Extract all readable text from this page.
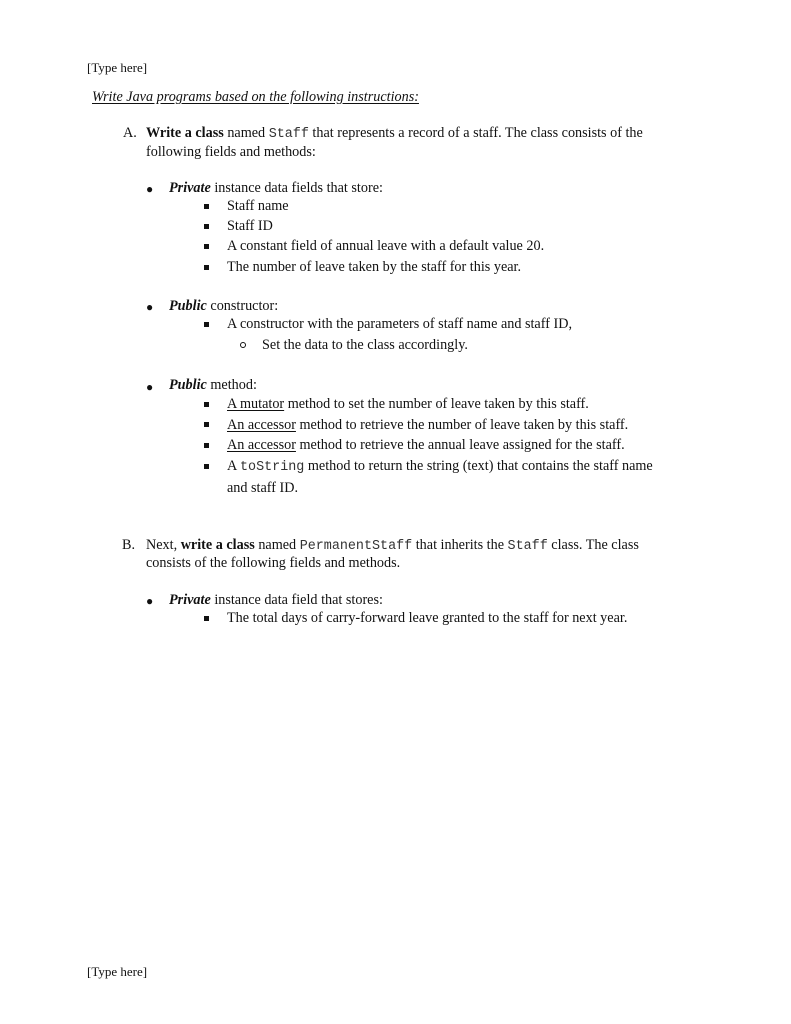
[Type here]
Write Java programs based on the following instructions:
A. Write a class named Staff that represents a record of a staff. The class consists of the
following fields and methods:
● Private instance data fields that store:
Staff name
Staff ID
A constant field of annual leave with a default value 20.
The number of leave taken by the staff for this year.
● Public constructor:
A constructor with the parameters of staff name and staff ID,
Set the data to the class accordingly.
● Public method:
A mutator method to set the number of leave taken by this staff.
An accessor method to retrieve the number of leave taken by this staff.
An accessor method to retrieve the annual leave assigned for the staff.
A toString method to return the string (text) that contains the staff name
and staff ID.
B. Next, write a class named PermanentStaff that inherits the Staff class. The class
consists of the following fields and methods.
● Private instance data field that stores:
The total days of carry-forward leave granted to the staff for next year.
[Type here]
